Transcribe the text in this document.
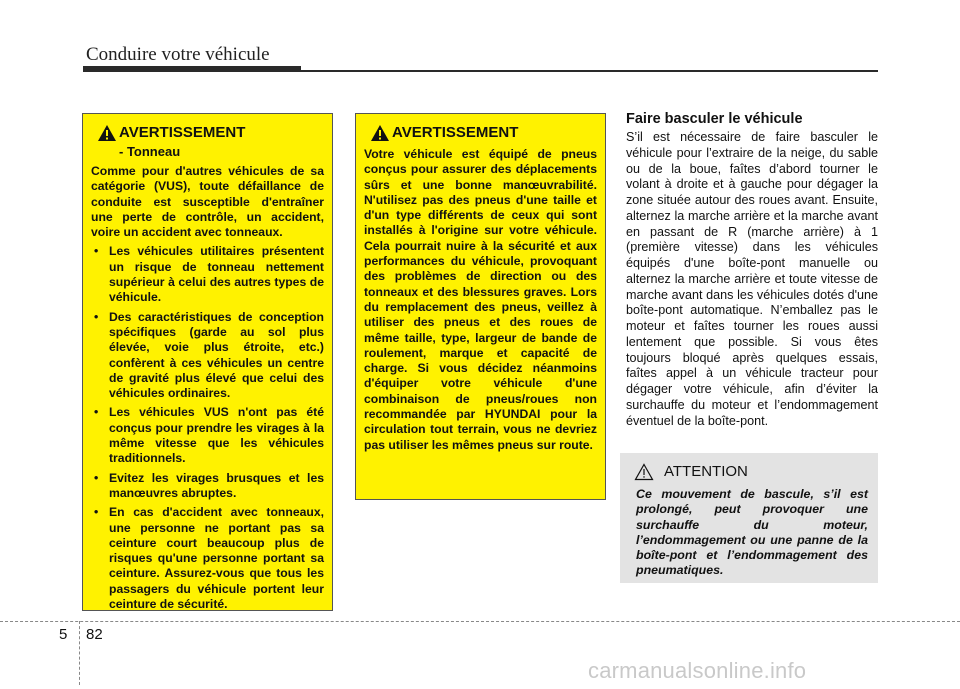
Conduire votre véhicule
AVERTISSEMENT
- Tonneau
Comme pour d'autres véhicules de sa catégorie (VUS), toute défaillance de conduite est susceptible d'entraîner une perte de contrôle, un accident, voire un accident avec tonneaux.
• Les véhicules utilitaires présentent un risque de tonneau nettement supérieur à celui des autres types de véhicule.
• Des caractéristiques de conception spécifiques (garde au sol plus élevée, voie plus étroite, etc.) confèrent à ces véhicules un centre de gravité plus élevé que celui des véhicules ordinaires.
• Les véhicules VUS n'ont pas été conçus pour prendre les virages à la même vitesse que les véhicules traditionnels.
• Evitez les virages brusques et les manœuvres abruptes.
• En cas d'accident avec tonneaux, une personne ne portant pas sa ceinture court beaucoup plus de risques qu'une personne portant sa ceinture. Assurez-vous que tous les passagers du véhicule portent leur ceinture de sécurité.
AVERTISSEMENT
Votre véhicule est équipé de pneus conçus pour assurer des déplacements sûrs et une bonne manœuvrabilité. N'utilisez pas des pneus d'une taille et d'un type différents de ceux qui sont installés à l'origine sur votre véhicule. Cela pourrait nuire à la sécurité et aux performances du véhicule, provoquant des problèmes de direction ou des tonneaux et des blessures graves. Lors du remplacement des pneus, veillez à utiliser des pneus et des roues de même taille, type, largeur de bande de roulement, marque et capacité de charge. Si vous décidez néanmoins d'équiper votre véhicule d'une combinaison de pneus/roues non recommandée par HYUNDAI pour la circulation tout terrain, vous ne devriez pas utiliser les mêmes pneus sur route.
Faire basculer le véhicule
S’il est nécessaire de faire basculer le véhicule pour l’extraire de la neige, du sable ou de la boue, faîtes d’abord tourner le volant à droite et à gauche pour dégager la zone située autour des roues avant. Ensuite, alternez la marche arrière et la marche avant en passant de R (marche arrière) à 1 (première vitesse) dans les véhicules équipés d'une boîte-pont manuelle ou alternez la marche arrière et toute vitesse de marche avant dans les véhicules dotés d'une boîte-pont automatique. N’emballez pas le moteur et faîtes tourner les roues aussi lentement que possible. Si vous êtes toujours bloqué après quelques essais, faîtes appel à un véhicule tracteur pour dégager votre véhicule, afin d’éviter la surchauffe du moteur et l’endommagement éventuel de la boîte-pont.
ATTENTION
Ce mouvement de bascule, s’il est prolongé, peut provoquer une surchauffe du moteur, l’endommagement ou une panne de la boîte-pont et l’endommagement des pneumatiques.
5 82
carmanualsonline.info
